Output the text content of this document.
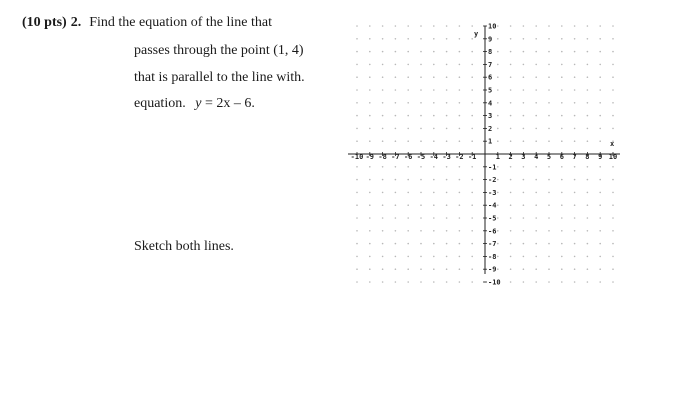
(10 pts) 2. Find the equation of the line that
passes through the point (1, 4)
that is parallel to the line with.
equation. y = 2x – 6.
Sketch both lines.
-10 -9 -8 -7 -6 -5 -4 -3 -2 -1	1 2 3 4 5 6 7 8 9 10
10
9
8
7
6
5
4
3
2
1
-1
-2
-3
-4
-5
-6
-7
-8
-9
-10
x
y
